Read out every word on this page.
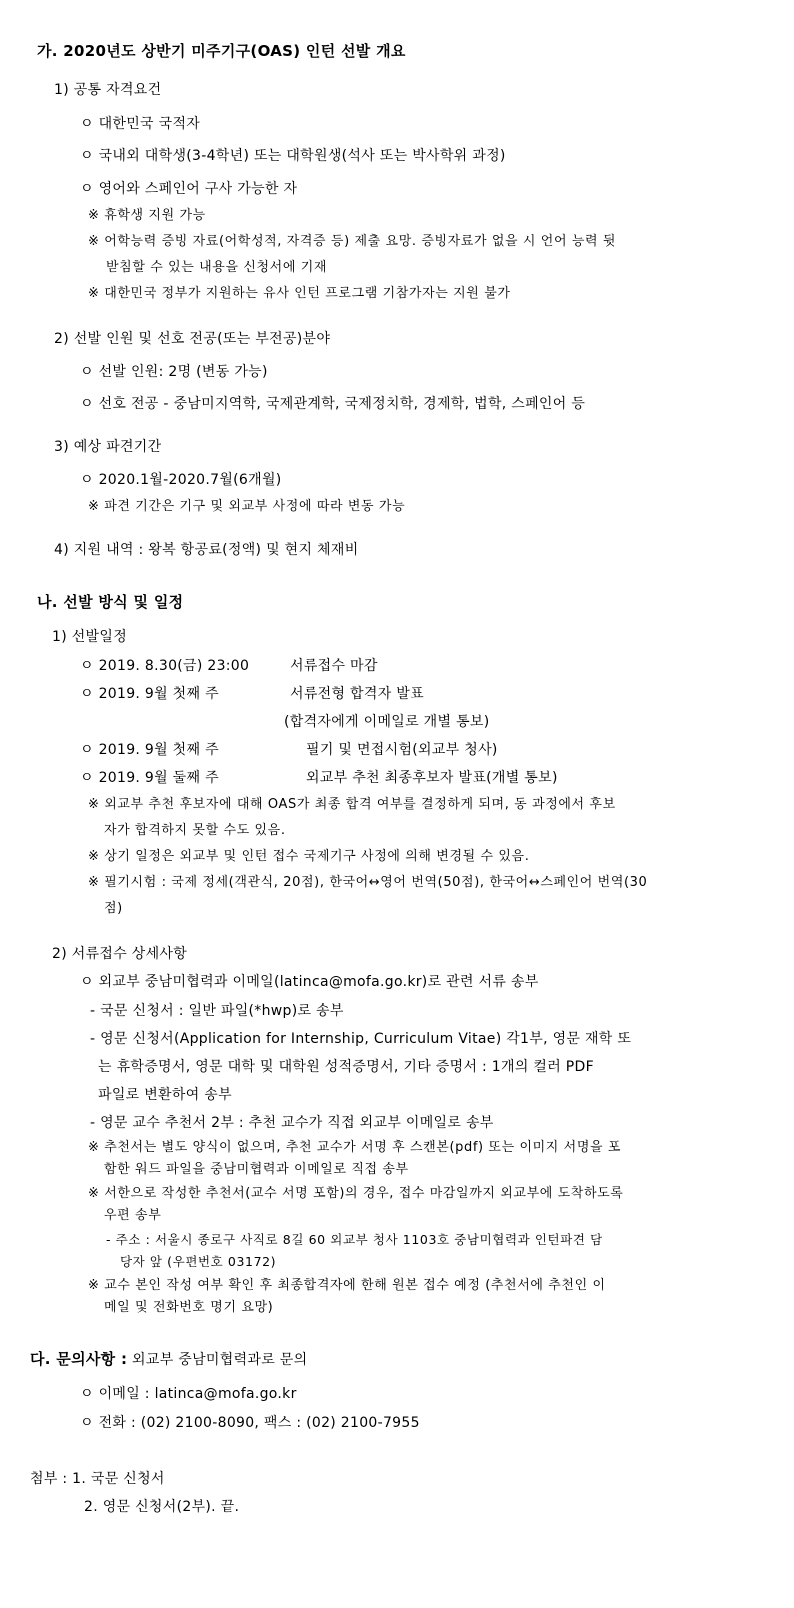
가. 2020년도 상반기 미주기구(OAS) 인턴 선발 개요
1) 공통 자격요건
ㅇ 대한민국 국적자
ㅇ 국내외 대학생(3-4학년) 또는 대학원생(석사 또는 박사학위 과정)
ㅇ 영어와 스페인어 구사 가능한 자
※ 휴학생 지원 가능
※ 어학능력 증빙 자료(어학성적, 자격증 등) 제출 요망. 증빙자료가 없을 시 언어 능력 뒷
받침할 수 있는 내용을 신청서에 기재
※ 대한민국 정부가 지원하는 유사 인턴 프로그램 기참가자는 지원 불가
2) 선발 인원 및 선호 전공(또는 부전공)분야
ㅇ 선발 인원: 2명 (변동 가능)
ㅇ 선호 전공 - 중남미지역학, 국제관계학, 국제정치학, 경제학, 법학, 스페인어 등
3) 예상 파견기간
ㅇ 2020.1월-2020.7월(6개월)
※ 파견 기간은 기구 및 외교부 사정에 따라 변동 가능
4) 지원 내역 : 왕복 항공료(정액) 및 현지 체재비
나. 선발 방식 및 일정
1) 선발일정
ㅇ 2019. 8.30(금) 23:00	서류접수 마감
ㅇ 2019. 9월 첫째 주	서류전형 합격자 발표
(합격자에게 이메일로 개별 통보)
ㅇ 2019. 9월 첫째 주	필기 및 면접시험(외교부 청사)
ㅇ 2019. 9월 둘째 주	외교부 추천 최종후보자 발표(개별 통보)
※ 외교부 추천 후보자에 대해 OAS가 최종 합격 여부를 결정하게 되며, 동 과정에서 후보
자가 합격하지 못할 수도 있음.
※ 상기 일정은 외교부 및 인턴 접수 국제기구 사정에 의해 변경될 수 있음.
※ 필기시험 : 국제 정세(객관식, 20점), 한국어↔영어 번역(50점), 한국어↔스페인어 번역(30
점)
2) 서류접수 상세사항
ㅇ 외교부 중남미협력과 이메일(latinca@mofa.go.kr)로 관련 서류 송부
- 국문 신청서 : 일반 파일(*hwp)로 송부
- 영문 신청서(Application for Internship, Curriculum Vitae) 각1부, 영문 재학 또
는 휴학증명서, 영문 대학 및 대학원 성적증명서, 기타 증명서 : 1개의 컬러 PDF
파일로 변환하여 송부
- 영문 교수 추천서 2부 : 추천 교수가 직접 외교부 이메일로 송부
※ 추천서는 별도 양식이 없으며, 추천 교수가 서명 후 스캔본(pdf) 또는 이미지 서명을 포
함한 워드 파일을 중남미협력과 이메일로 직접 송부
※ 서한으로 작성한 추천서(교수 서명 포함)의 경우, 접수 마감일까지 외교부에 도착하도록
우편 송부
- 주소 : 서울시 종로구 사직로 8길 60 외교부 청사 1103호 중남미협력과 인턴파견 담
당자 앞 (우편번호 03172)
※ 교수 본인 작성 여부 확인 후 최종합격자에 한해 원본 접수 예정 (추천서에 추천인 이
메일 및 전화번호 명기 요망)
다. 문의사항 : 외교부 중남미협력과로 문의
ㅇ 이메일 : latinca@mofa.go.kr
ㅇ 전화 : (02) 2100-8090, 팩스 : (02) 2100-7955
첨부 : 1. 국문 신청서
2. 영문 신청서(2부). 끝.
